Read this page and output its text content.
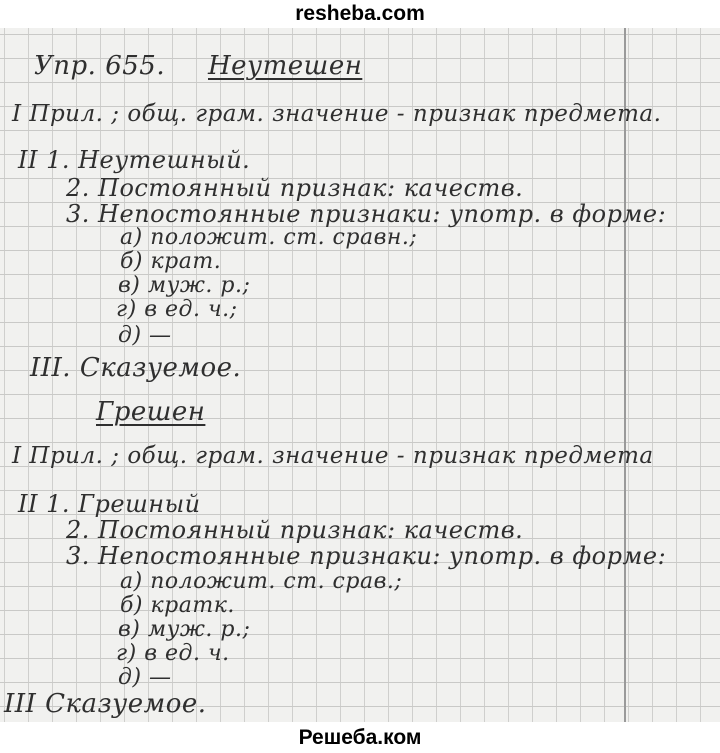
resheba.com
Упр. 655. Неутешен
I Прил. ; общ. грам. значение - признак предмета.
II 1. Неутешный.
2. Постоянный признак: качеств.
3. Непостоянные признаки: употр. в форме:
а) положит. ст. сравн.;
б) крат.
в) муж. р.;
г) в ед. ч.;
д) —
III. Сказуемое.
Грешен
I Прил. ; общ. грам. значение - признак предмета
II 1. Грешный
2. Постоянный признак: качеств.
3. Непостоянные признаки: употр. в форме:
а) положит. ст. срав.;
б) кратк.
в) муж. р.;
г) в ед. ч.
д) —
III Сказуемое.
Решеба.ком
